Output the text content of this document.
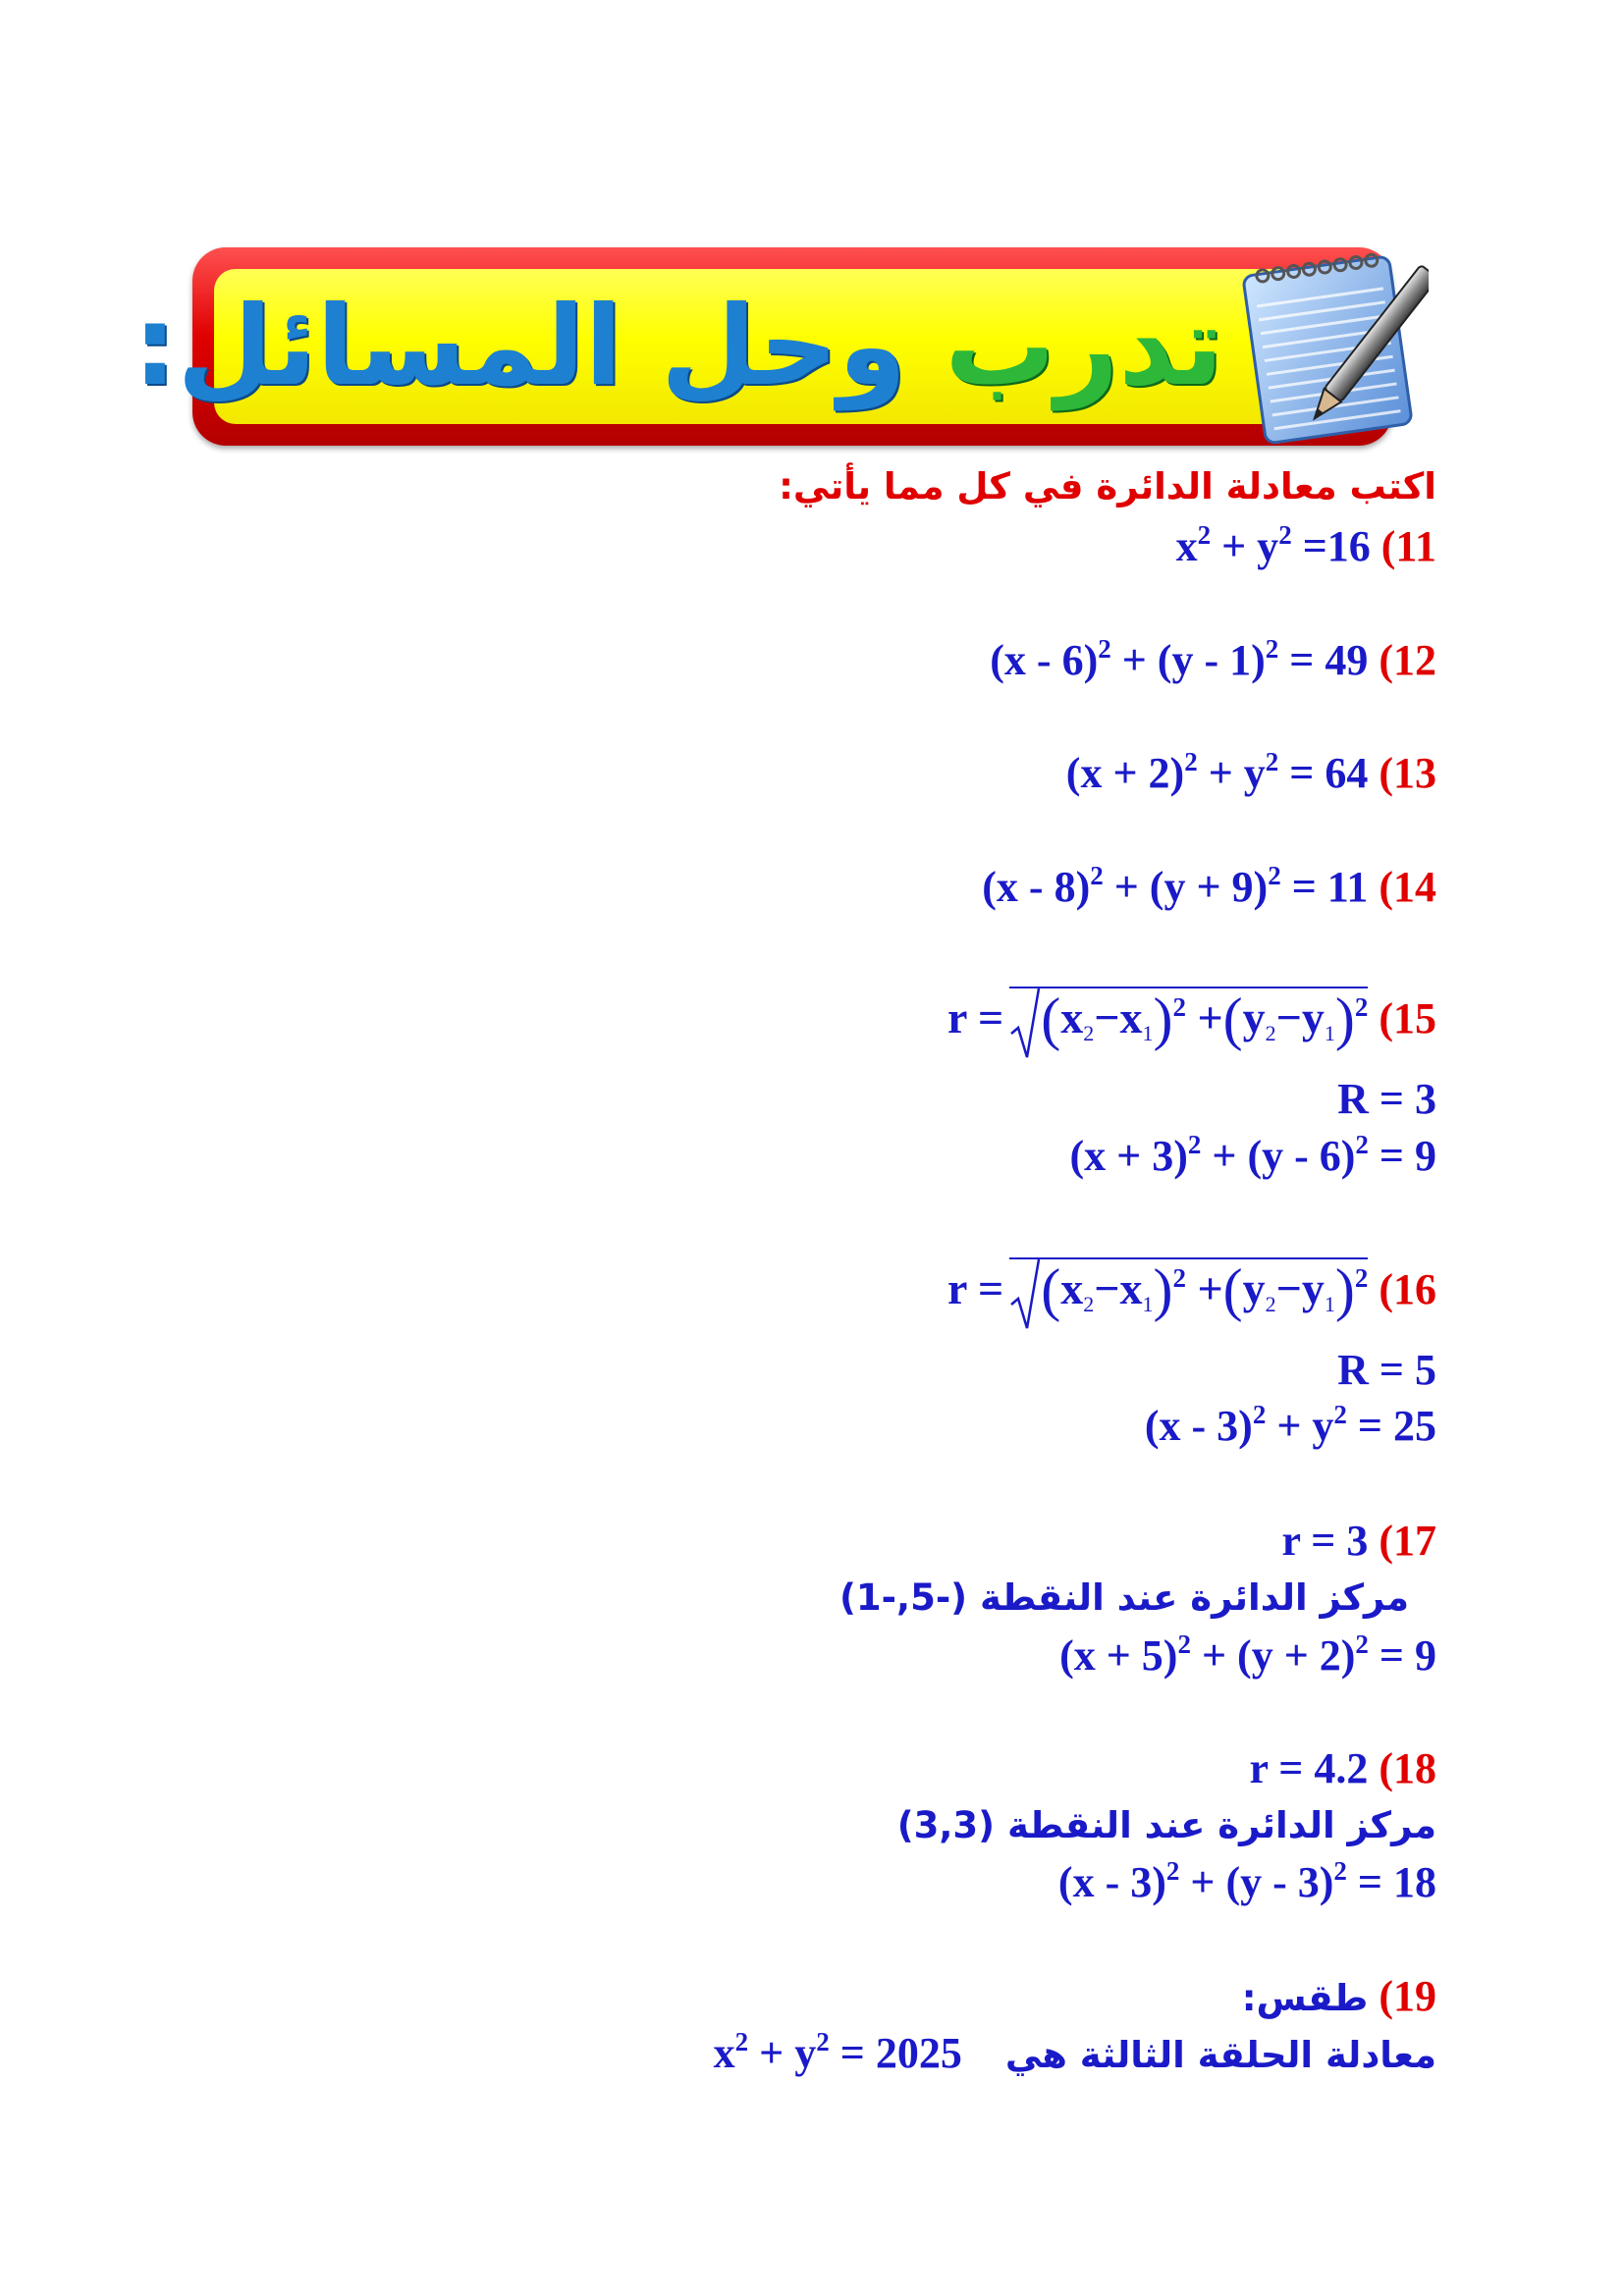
تدرب وحل المسائل:
اكتب معادلة الدائرة في كل مما يأتي:
11) $x^2 + y^2 =16$
12) (x - 6)$^2$ + (y - 1)$^2$ = 49
13) $(x + 2)^2 + y^2 = 64$
14) $(x - 8)^2 + (y + 9)^2 = 11$
15) $r = (x_2-x_1)^2 +(y_2-y_1)^2$
R = 3
$(x + 3)^2 + (y - 6)^2 = 9$
16) $r = (x_2-x_1)^2 +(y_2-y_1)^2$
R = 5
$(x - 3)^2 + y^2 = 25$
17) r = 3
مركز الدائرة عند النقطة (-5,-1)
$(x + 5)^2 + (y + 2)^2 = 9$
18) r = 4.2
مركز الدائرة عند النقطة (3,3)
(x - 3)$^2$ + (y - 3)$^2$ = 18
19) طقس:
معادلة الحلقة الثالثة هي    $x^2 + y^2 = 2025$
